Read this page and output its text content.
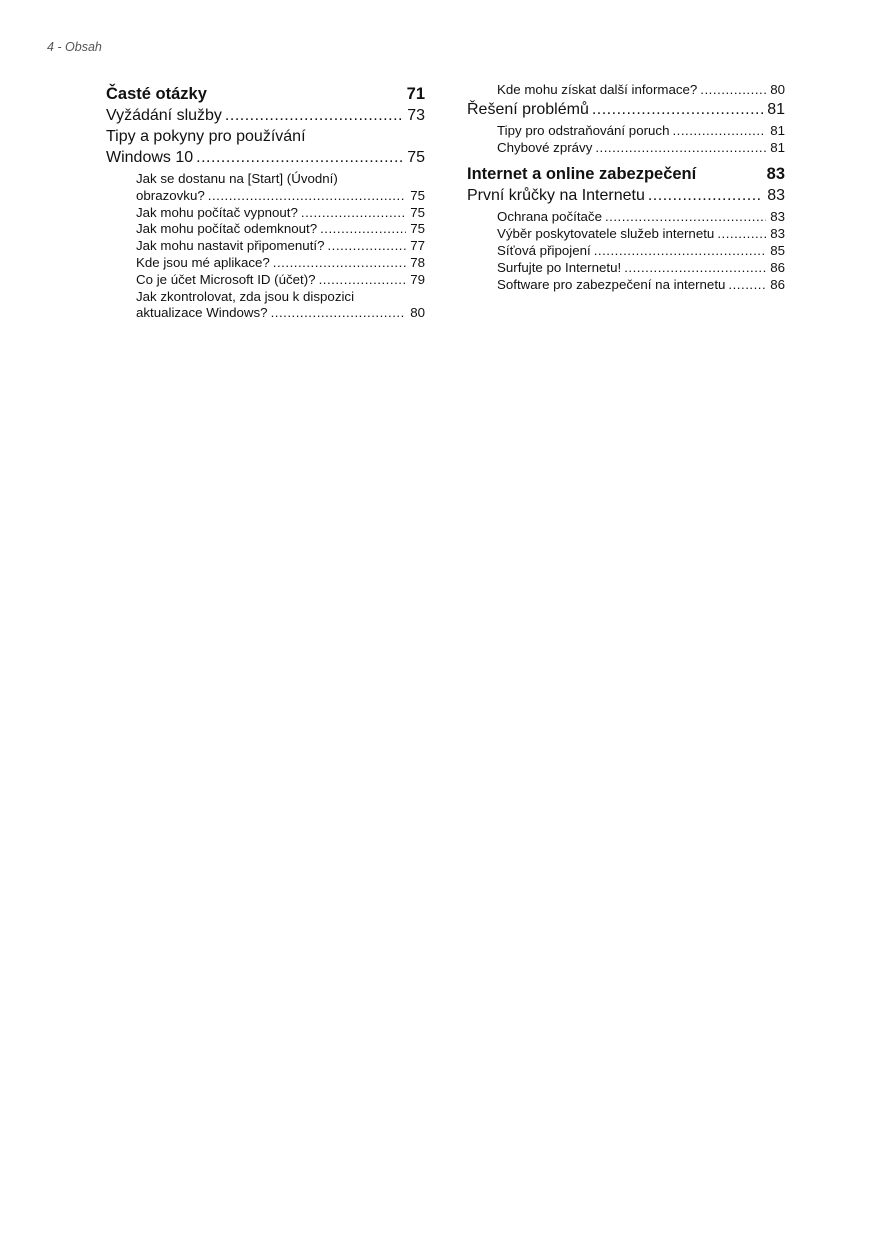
4 - Obsah
Časté otázky	71
Vyžádání služby .....	73
Tipy a pokyny pro používání
Windows 10 .....	75
Jak se dostanu na [Start] (Úvodní)
obrazovku? .....	75
Jak mohu počítač vypnout? .....	75
Jak mohu počítač odemknout? .....	75
Jak mohu nastavit připomenutí? .....	77
Kde jsou mé aplikace? .....	78
Co je účet Microsoft ID (účet)? .....	79
Jak zkontrolovat, zda jsou k dispozici
aktualizace Windows? .....	80
Kde mohu získat další informace? .....	80
Řešení problémů .....	81
Tipy pro odstraňování poruch .....	81
Chybové zprávy .....	81
Internet a online zabezpečení	83
První krůčky na Internetu .....	83
Ochrana počítače .....	83
Výběr poskytovatele služeb internetu .....	83
Síťová připojení .....	85
Surfujte po Internetu! .....	86
Software pro zabezpečení na internetu .....	86
